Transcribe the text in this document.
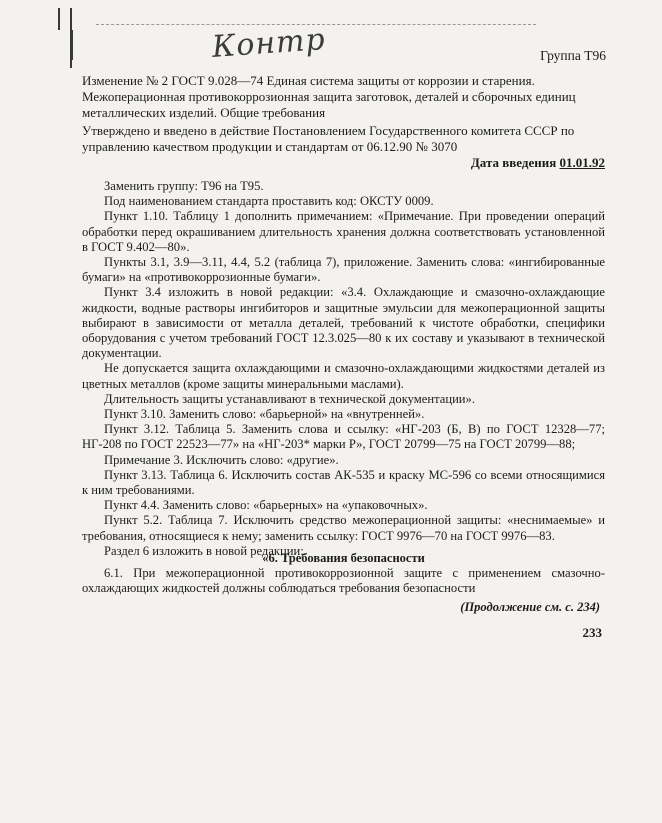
Контр	Группа Т96
Изменение № 2 ГОСТ 9.028—74 Единая система защиты от коррозии и старения. Межоперационная противокоррозионная защита заготовок, деталей и сборочных единиц металлических изделий. Общие требования
Утверждено и введено в действие Постановлением Государственного комитета СССР по управлению качеством продукции и стандартам от 06.12.90 № 3070
Дата введения 01.01.92

Заменить группу: Т96 на Т95.

Под наименованием стандарта проставить код: ОКСТУ 0009.

Пункт 1.10. Таблицу 1 дополнить примечанием: «Примечание. При проведении операций обработки перед окрашиванием длительность хранения должна соответствовать установленной в ГОСТ 9.402—80».

Пункты 3.1, 3.9—3.11, 4.4, 5.2 (таблица 7), приложение. Заменить слова: «ингибированные бумаги» на «противокоррозионные бумаги».

Пункт 3.4 изложить в новой редакции: «3.4. Охлаждающие и смазочно-охлаждающие жидкости, водные растворы ингибиторов и защитные эмульсии для межоперационной защиты выбирают в зависимости от металла деталей, требований к чистоте обработки, специфики оборудования с учетом требований ГОСТ 12.3.025—80 к их составу и указывают в технической документации.

Не допускается защита охлаждающими и смазочно-охлаждающими жидкостями деталей из цветных металлов (кроме защиты минеральными маслами).

Длительность защиты устанавливают в технической документации».

Пункт 3.10. Заменить слово: «барьерной» на «внутренней».

Пункт 3.12. Таблица 5. Заменить слова и ссылку: «НГ-203 (Б, В) по ГОСТ 12328—77; НГ-208 по ГОСТ 22523—77» на «НГ-203* марки Р», ГОСТ 20799—75 на ГОСТ 20799—88;

Примечание 3. Исключить слово: «другие».

Пункт 3.13. Таблица 6. Исключить состав АК-535 и краску МС-596 со всеми относящимися к ним требованиями.

Пункт 4.4. Заменить слово: «барьерных» на «упаковочных».

Пункт 5.2. Таблица 7. Исключить средство межоперационной защиты: «неснимаемые» и требования, относящиеся к нему; заменить ссылку: ГОСТ 9976—70 на ГОСТ 9976—83.

Раздел 6 изложить в новой редакции:

«6. Требования безопасности

6.1. При межоперационной противокоррозионной защите с применением смазочно-охлаждающих жидкостей должны соблюдаться требования безопасности

(Продолжение см. с. 234)
233
